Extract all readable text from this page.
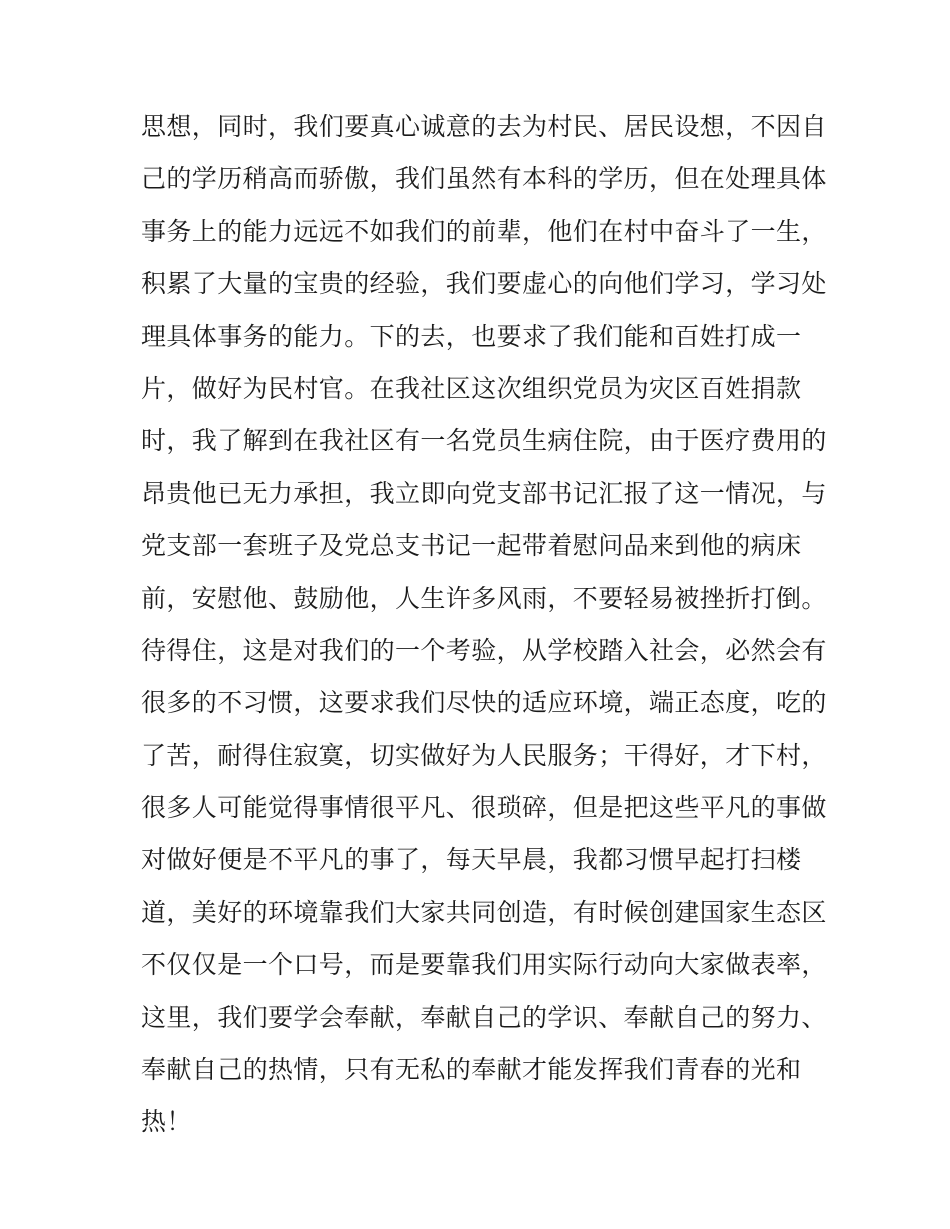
思想，同时，我们要真心诚意的去为村民、居民设想，不因自
己的学历稍高而骄傲，我们虽然有本科的学历，但在处理具体
事务上的能力远远不如我们的前辈，他们在村中奋斗了一生，
积累了大量的宝贵的经验，我们要虚心的向他们学习，学习处
理具体事务的能力。下的去，也要求了我们能和百姓打成一
片，做好为民村官。在我社区这次组织党员为灾区百姓捐款
时，我了解到在我社区有一名党员生病住院，由于医疗费用的
昂贵他已无力承担，我立即向党支部书记汇报了这一情况，与
党支部一套班子及党总支书记一起带着慰问品来到他的病床
前，安慰他、鼓励他，人生许多风雨，不要轻易被挫折打倒。
待得住，这是对我们的一个考验，从学校踏入社会，必然会有
很多的不习惯，这要求我们尽快的适应环境，端正态度，吃的
了苦，耐得住寂寞，切实做好为人民服务；干得好，才下村，
很多人可能觉得事情很平凡、很琐碎，但是把这些平凡的事做
对做好便是不平凡的事了，每天早晨，我都习惯早起打扫楼
道，美好的环境靠我们大家共同创造，有时候创建国家生态区
不仅仅是一个口号，而是要靠我们用实际行动向大家做表率，
这里，我们要学会奉献，奉献自己的学识、奉献自己的努力、
奉献自己的热情，只有无私的奉献才能发挥我们青春的光和
热！
